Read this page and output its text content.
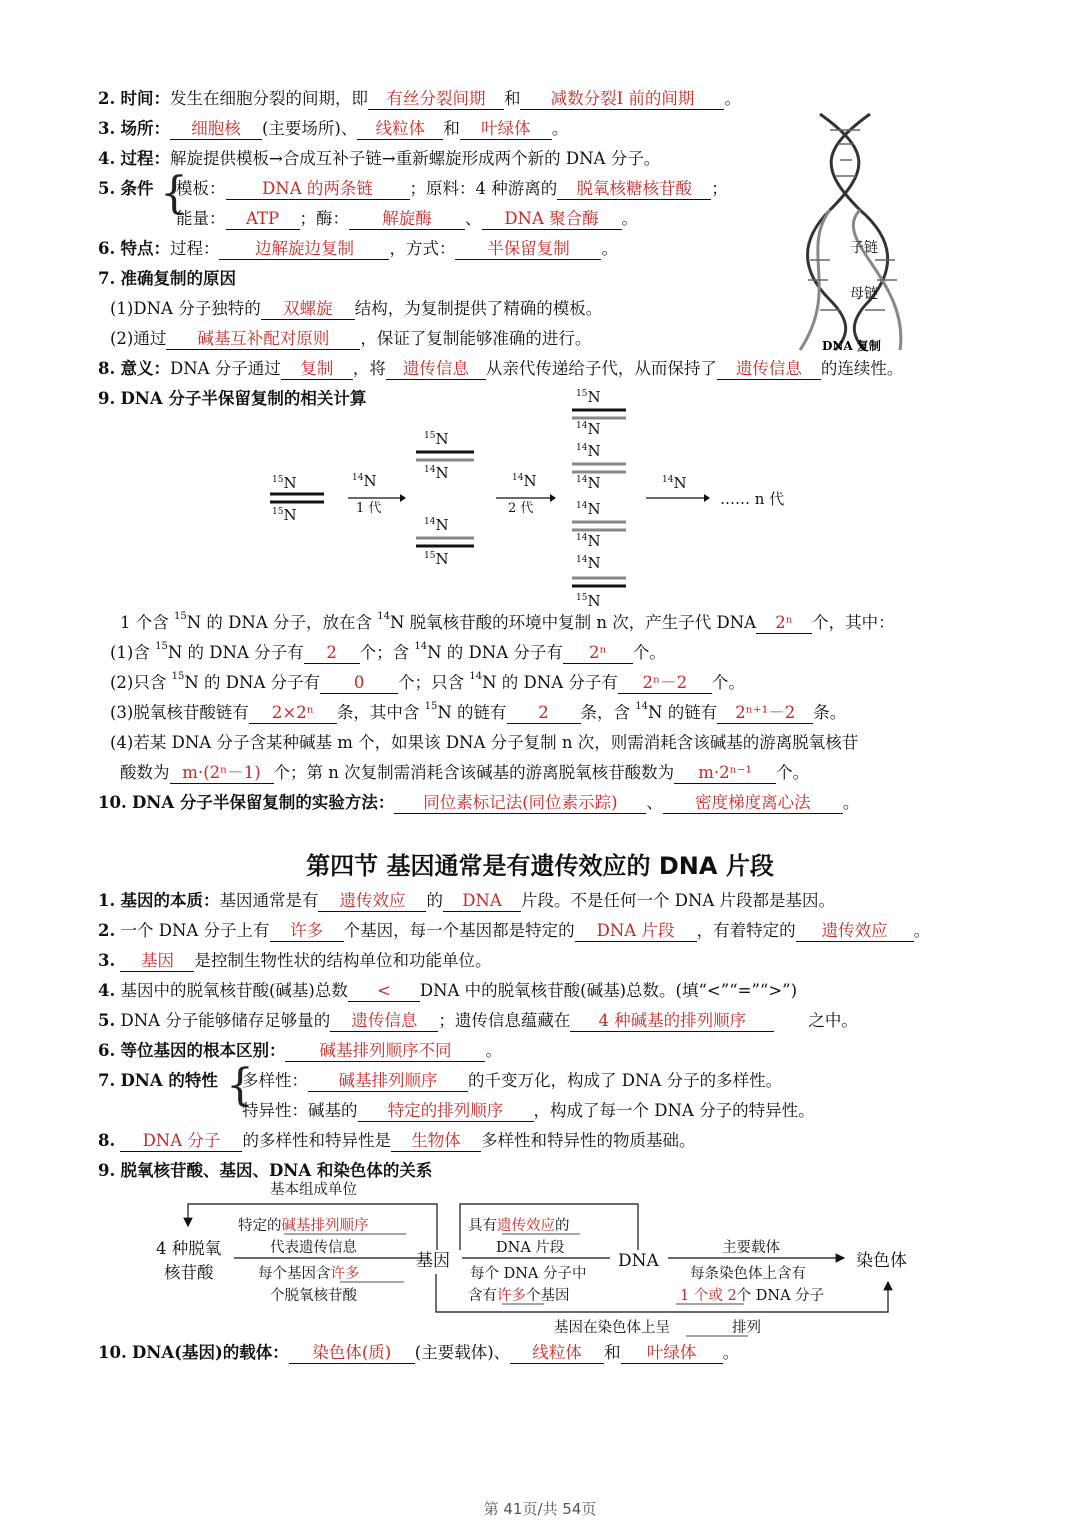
2. 时间：发生在细胞分裂的间期，即 有丝分裂间期 和 减数分裂Ⅰ 前的间期 。
3. 场所： 细胞核 (主要场所)、 线粒体 和 叶绿体 。
4. 过程：解旋提供模板→合成互补子链→重新螺旋形成两个新的 DNA 分子。
5. 条件 {
模板： DNA 的两条链 ；原料：4 种游离的 脱氧核糖核苷酸 ；
能量： ATP ；酶： 解旋酶 、 DNA 聚合酶 。
6. 特点：过程： 边解旋边复制 ，方式： 半保留复制 。
7. 准确复制的原因
(1)DNA 分子独特的 双螺旋 结构，为复制提供了精确的模板。
(2)通过 碱基互补配对原则 ，保证了复制能够准确的进行。
8. 意义：DNA 分子通过 复制 ，将 遗传信息 从亲代传递给子代，从而保持了 遗传信息 的连续性。
9. DNA 分子半保留复制的相关计算
子链
母链
DNA 复制
$^{15}$N
$^{15}$N
$^{14}$N
1 代
$^{15}$N
$^{14}$N
$^{14}$N
$^{15}$N
$^{14}$N
2 代
$^{15}$N
$^{14}$N
$^{14}$N
$^{14}$N
$^{14}$N
$^{14}$N
$^{14}$N
$^{15}$N
$^{14}$N
…… n 代
1 个含 $^{15}$N 的 DNA 分子，放在含 $^{14}$N 脱氧核苷酸的环境中复制 n 次，产生子代 DNA 2ⁿ 个，其中：
(1)含 $^{15}$N 的 DNA 分子有 2 个；含 $^{14}$N 的 DNA 分子有 2ⁿ 个。
(2)只含 $^{15}$N 的 DNA 分子有 0 个；只含 $^{14}$N 的 DNA 分子有 2ⁿ－2 个。
(3)脱氧核苷酸链有 2×2ⁿ 条，其中含 $^{15}$N 的链有 2 条，含 $^{14}$N 的链有 2ⁿ⁺¹－2 条。
(4)若某 DNA 分子含某种碱基 m 个，如果该 DNA 分子复制 n 次，则需消耗含该碱基的游离脱氧核苷
酸数为 m·(2ⁿ－1) 个；第 n 次复制需消耗含该碱基的游离脱氧核苷酸数为 m·2ⁿ⁻¹ 个。
10. DNA 分子半保留复制的实验方法： 同位素标记法(同位素示踪) 、 密度梯度离心法 。
第四节 基因通常是有遗传效应的 DNA 片段
1. 基因的本质：基因通常是有 遗传效应 的 DNA 片段。不是任何一个 DNA 片段都是基因。
2. 一个 DNA 分子上有 许多 个基因，每一个基因都是特定的 DNA 片段 ，有着特定的 遗传效应 。
3. 基因 是控制生物性状的结构单位和功能单位。
4. 基因中的脱氧核苷酸(碱基)总数 < DNA 中的脱氧核苷酸(碱基)总数。(填“<”“=”“>”)
5. DNA 分子能够储存足够量的 遗传信息 ；遗传信息蕴藏在 4 种碱基的排列顺序	之中。
6. 等位基因的根本区别： 碱基排列顺序不同 。
7. DNA 的特性 {
多样性： 碱基排列顺序 的千变万化，构成了 DNA 分子的多样性。
特异性：碱基的 特定的排列顺序 ，构成了每一个 DNA 分子的特异性。
8. DNA 分子 的多样性和特异性是 生物体 多样性和特异性的物质基础。
9. 脱氧核苷酸、基因、DNA 和染色体的关系
基本组成单位
4 种脱氧
核苷酸
特定的碱基排列顺序
代表遗传信息
每个基因含许多
个脱氧核苷酸
基因
具有遗传效应的
DNA 片段
每个 DNA 分子中
含有许多个基因
DNA
主要载体
每条染色体上含有
1 个或 2个 DNA 分子
染色体
基因在染色体上呈	排列
10. DNA(基因)的载体： 染色体(质) (主要载体)、 线粒体 和 叶绿体 。
第 41页/共 54页
